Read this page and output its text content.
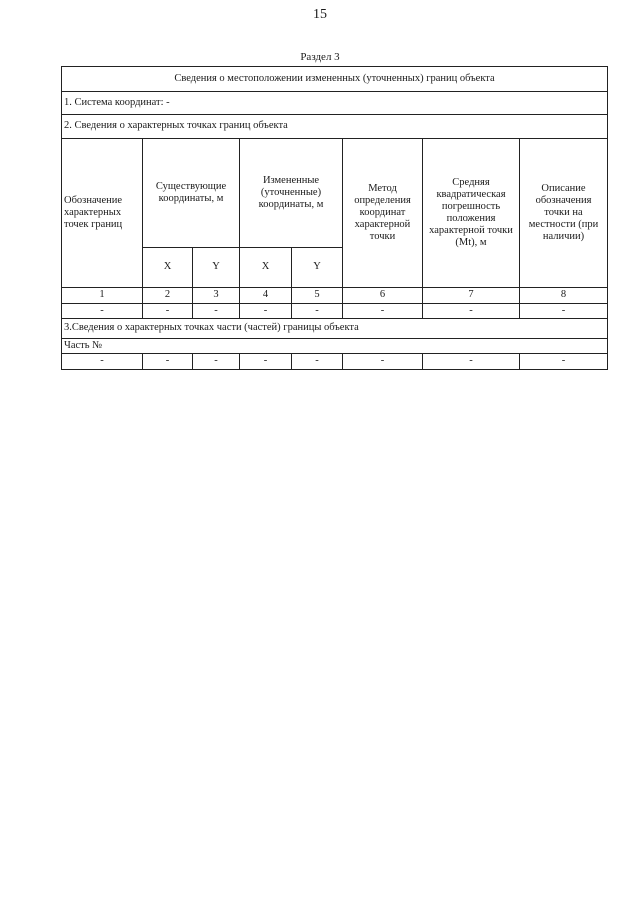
15
Раздел 3
Сведения о местоположении измененных (уточненных) границ объекта							
1. Система координат: -							
2. Сведения о характерных точках границ объекта							
Обозначение характерных точек границ	Существующие координаты, м		Измененные (уточненные) координаты, м		Метод определения координат характерной точки	Средняя квадратическая погрешность положения характерной точки (Mt), м	Описание обозначения точки на местности (при наличии)
	X	Y	X	Y			
1	2	3	4	5	6	7	8
-	-	-	-	-	-	-	-
3.Сведения о характерных точках части (частей) границы объекта							
Часть №							
-	-	-	-	-	-	-	-
